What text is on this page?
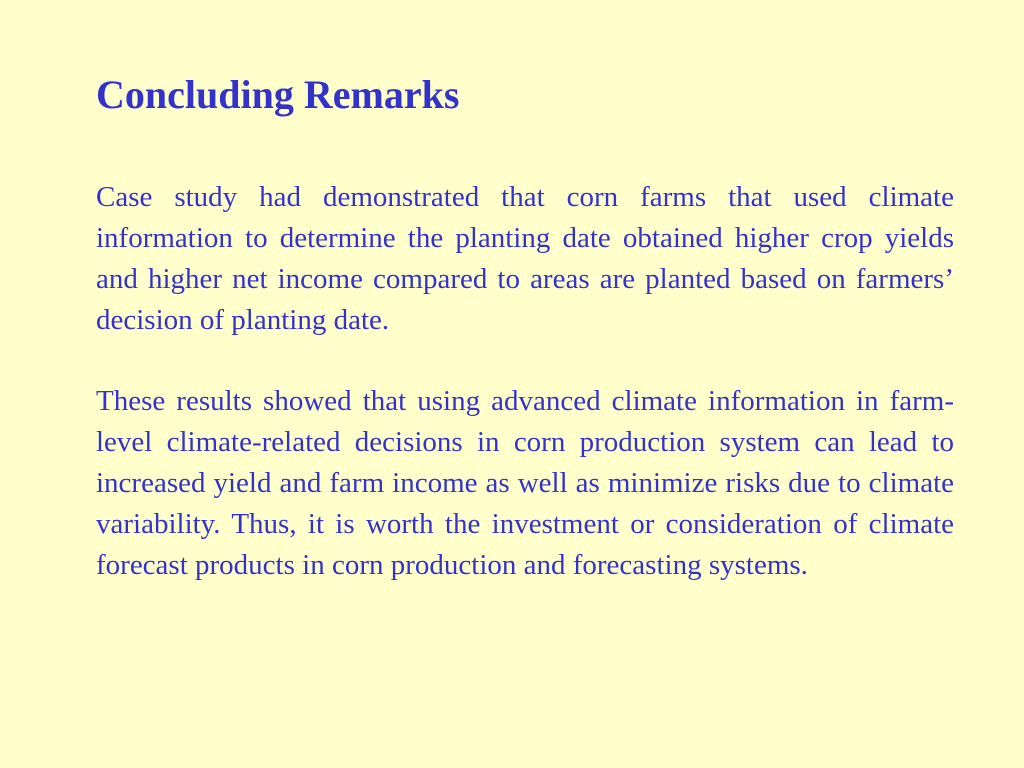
Concluding Remarks

Case study had demonstrated that corn farms that used climate information to determine the planting date obtained higher crop yields and higher net income compared to areas are planted based on farmers’ decision of planting date.

These results showed that using advanced climate information in farm-level climate-related decisions in corn production system can lead to increased yield and farm income as well as minimize risks due to climate variability. Thus, it is worth the investment or consideration of climate forecast products in corn production and forecasting systems.
